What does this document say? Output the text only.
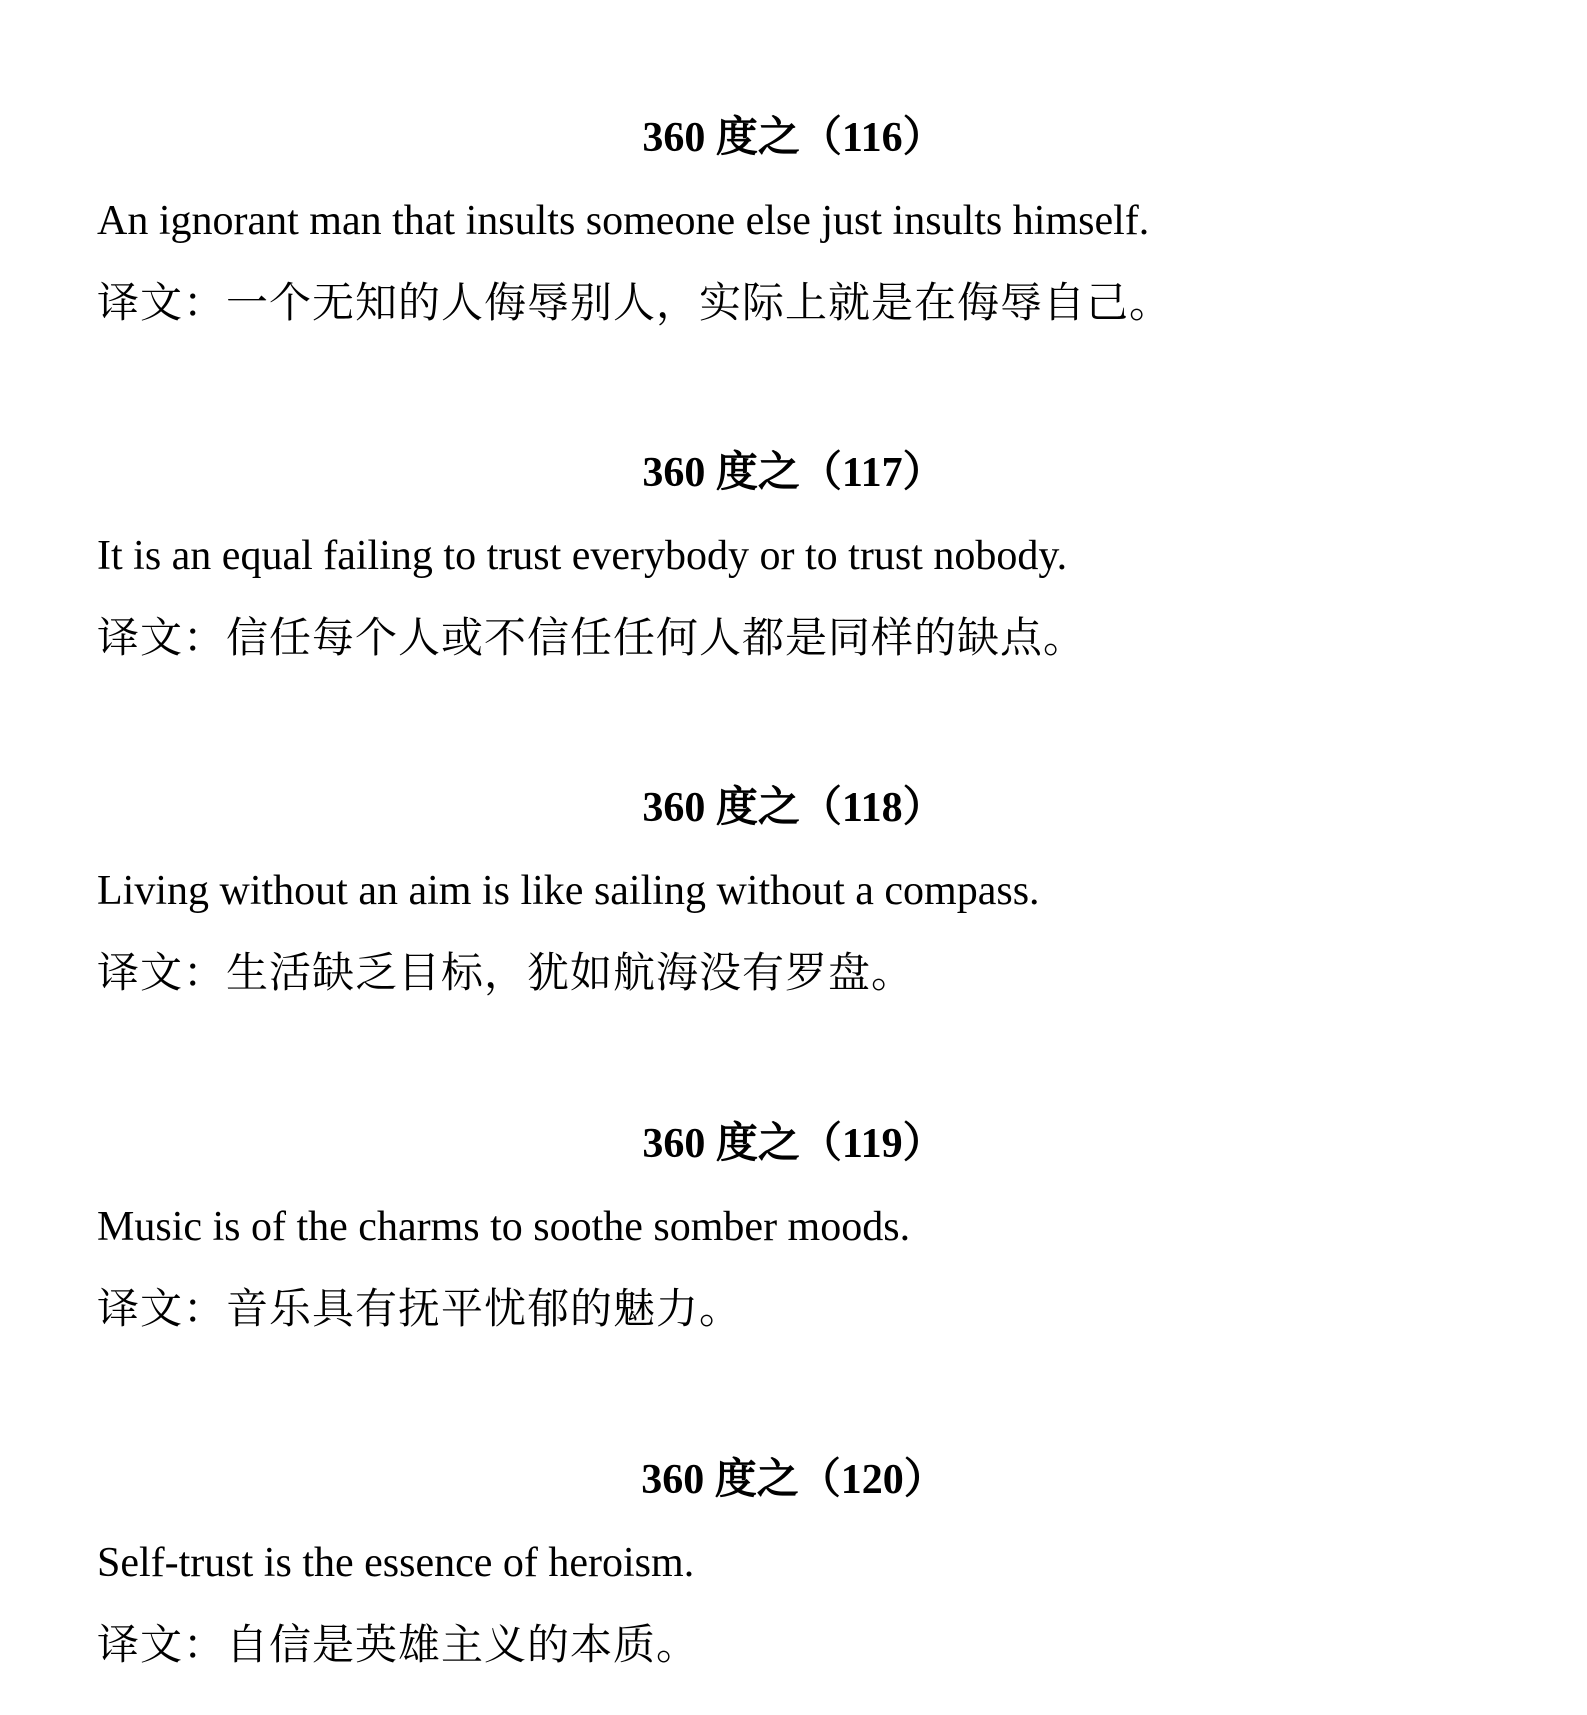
360 度之（116）
An ignorant man that insults someone else just insults himself.
译文：一个无知的人侮辱别人，实际上就是在侮辱自己。
360 度之（117）
It is an equal failing to trust everybody or to trust nobody.
译文：信任每个人或不信任任何人都是同样的缺点。
360 度之（118）
Living without an aim is like sailing without a compass.
译文：生活缺乏目标，犹如航海没有罗盘。
360 度之（119）
Music is of the charms to soothe somber moods.
译文：音乐具有抚平忧郁的魅力。
360 度之（120）
Self-trust is the essence of heroism.
译文：自信是英雄主义的本质。
